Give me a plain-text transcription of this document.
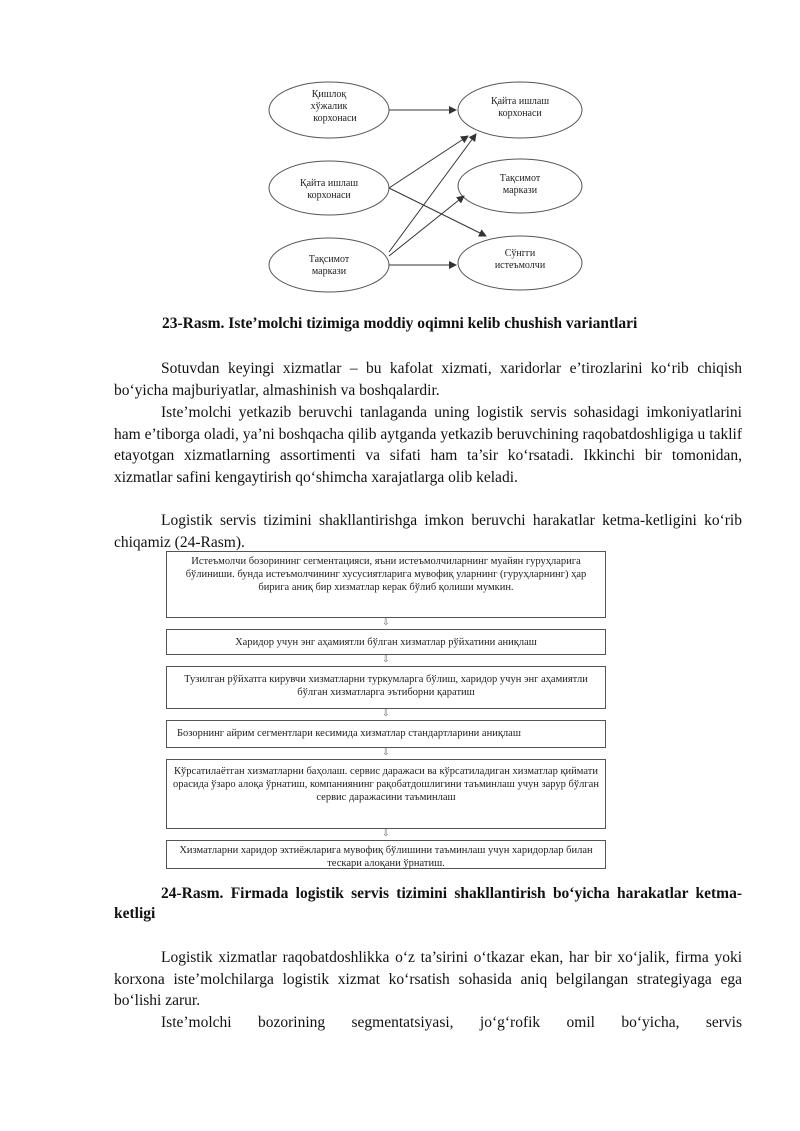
Қишлоқ
хўжалик
корхонаси
Қайта ишлаш
корхонаси
Тақсимот
маркази
Қайта ишлаш
корхонаси
Тақсимот
маркази
Сўнгги
истеъмолчи
23-Rasm. Iste’molchi tizimiga moddiy oqimni kelib chushish variantlari

Sotuvdan keyingi xizmatlar – bu kafolat xizmati, xaridorlar e’tirozlarini ko‘rib chiqish bo‘yicha majburiyatlar, almashinish va boshqalardir.

Iste’molchi yetkazib beruvchi tanlaganda uning logistik servis sohasidagi imkoniyatlarini ham e’tiborga oladi, ya’ni boshqacha qilib aytganda yetkazib beruvchining raqobatdoshligiga u taklif etayotgan xizmatlarning assortimenti va sifati ham ta’sir ko‘rsatadi. Ikkinchi bir tomonidan, xizmatlar safini kengaytirish qo‘shimcha xarajatlarga olib keladi.

Logistik servis tizimini shakllantirishga imkon beruvchi harakatlar ketma-ketligini ko‘rib chiqamiz (24-Rasm).

Истеъмолчи бозорининг сегментацияси, яъни истеъмолчиларнинг муайян гуруҳларига бўлиниши. бунда истеъмолчининг хусусиятларига мувофиқ уларнинг (гуруҳларнинг) ҳар бирига аниқ бир хизматлар керак бўлиб қолиши мумкин.
⇩
Харидор учун энг аҳамиятли бўлган хизматлар рўйхатини аниқлаш
⇩
Тузилган рўйхатга кирувчи хизматларни туркумларга бўлиш, харидор учун энг аҳамиятли бўлган хизматларга эътиборни қаратиш
⇩
Бозорнинг айрим сегментлари кесимида хизматлар стандартларини аниқлаш
⇩
Кўрсатилаётган хизматларни баҳолаш. сервис даражаси ва кўрсатиладиган хизматлар қиймати орасида ўзаро алоқа ўрнатиш, компаниянинг рақобатдошлигини таъминлаш учун зарур бўлган сервис даражасини таъминлаш
⇩
Хизматларни харидор эхтиёжларига мувофиқ бўлишини таъминлаш учун харидорлар билан тескари алоқани ўрнатиш.
24-Rasm. Firmada logistik servis tizimini shakllantirish bo‘yicha harakatlar ketma-ketligi

Logistik xizmatlar raqobatdoshlikka o‘z ta’sirini o‘tkazar ekan, har bir xo‘jalik, firma yoki korxona iste’molchilarga logistik xizmat ko‘rsatish sohasida aniq belgilangan strategiyaga ega bo‘lishi zarur.

Iste’molchi bozorining segmentatsiyasi, jo‘g‘rofik omil bo‘yicha, servis
